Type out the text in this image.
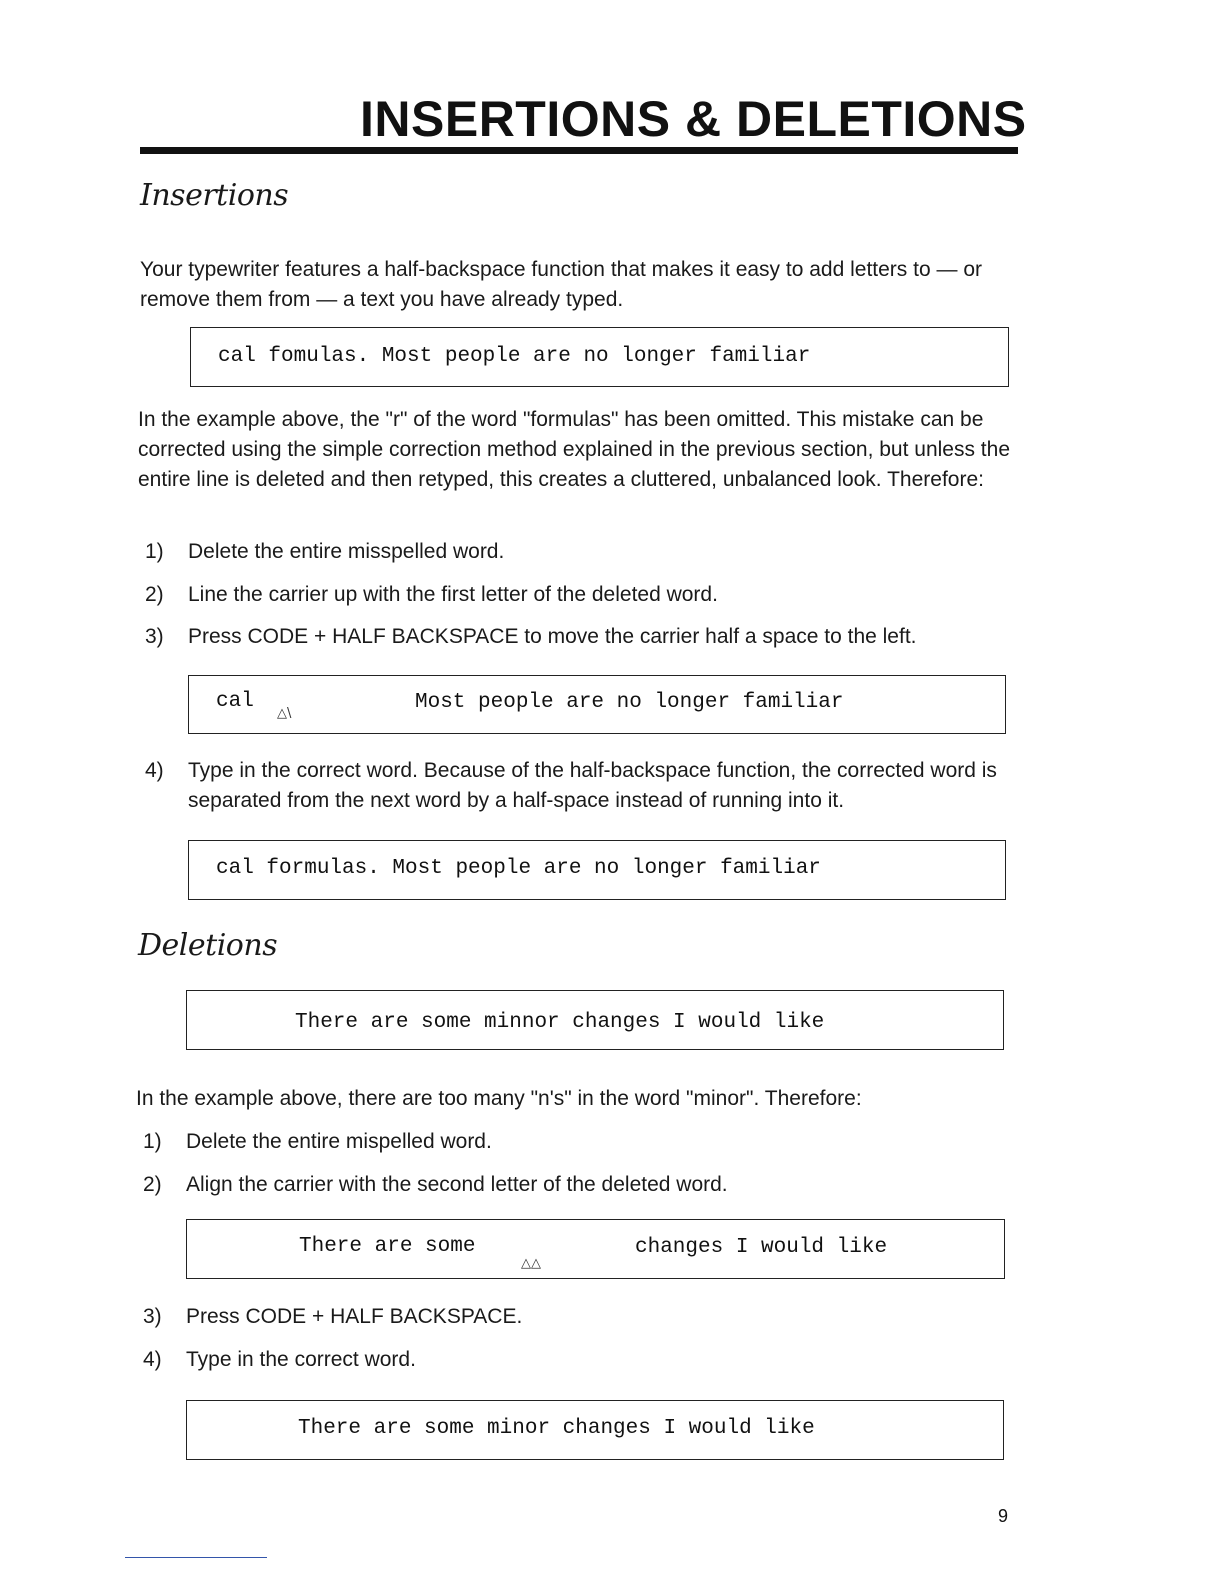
INSERTIONS & DELETIONS
Insertions
Your typewriter features a half-backspace function that makes it easy to add letters to — or remove them from — a text you have already typed.
cal fomulas. Most people are no longer familiar
In the example above, the "r" of the word "formulas" has been omitted. This mistake can be corrected using the simple correction method explained in the previous section, but unless the entire line is deleted and then retyped, this creates a cluttered, unbalanced look. Therefore:
1) Delete the entire misspelled word.
2) Line the carrier up with the first letter of the deleted word.
3) Press CODE + HALF BACKSPACE to move the carrier half a space to the left.
cal
△\	Most people are no longer familiar
4) Type in the correct word. Because of the half-backspace function, the corrected word is separated from the next word by a half-space instead of running into it.
cal formulas. Most people are no longer familiar
Deletions
There are some minnor changes I would like
In the example above, there are too many "n's" in the word "minor". Therefore:
1) Delete the entire mispelled word.
2) Align the carrier with the second letter of the deleted word.
There are some
△△
changes I would like
3) Press CODE + HALF BACKSPACE.
4) Type in the correct word.
There are some minor changes I would like
9
